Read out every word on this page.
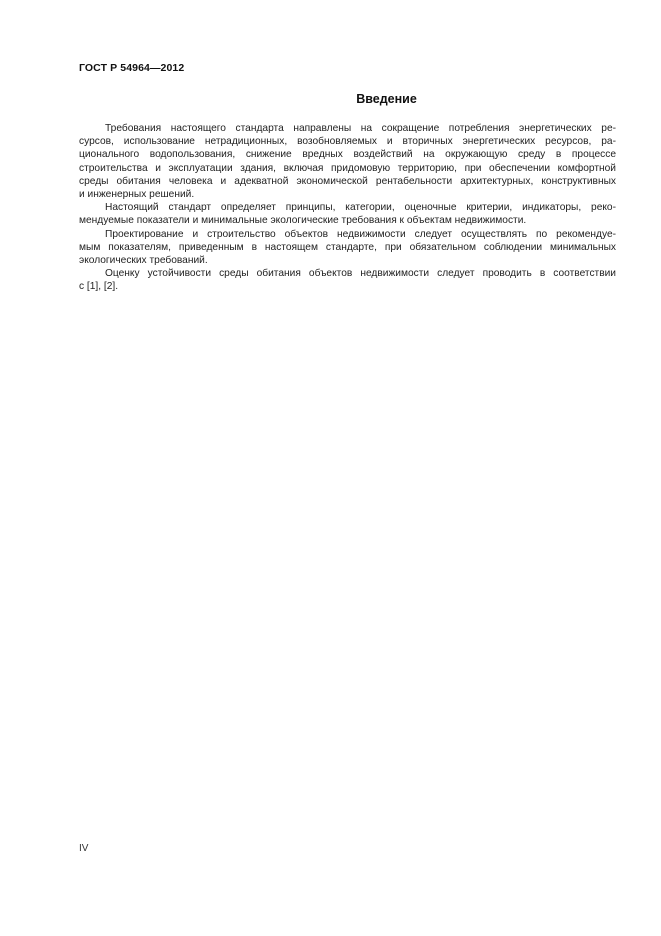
ГОСТ Р 54964—2012
Введение

Требования настоящего стандарта направлены на сокращение потребления энергетических ре-
сурсов, использование нетрадиционных, возобновляемых и вторичных энергетических ресурсов, ра-
ционального водопользования, снижение вредных воздействий на окружающую среду в процессе
строительства и эксплуатации здания, включая придомовую территорию, при обеспечении комфортной
среды обитания человека и адекватной экономической рентабельности архитектурных, конструктивных
и инженерных решений.

Настоящий стандарт определяет принципы, категории, оценочные критерии, индикаторы, реко-
мендуемые показатели и минимальные экологические требования к объектам недвижимости.

Проектирование и строительство объектов недвижимости следует осуществлять по рекомендуе-
мым показателям, приведенным в настоящем стандарте, при обязательном соблюдении минимальных
экологических требований.

Оценку устойчивости среды обитания объектов недвижимости следует проводить в соответствии
с [1], [2].

IV
